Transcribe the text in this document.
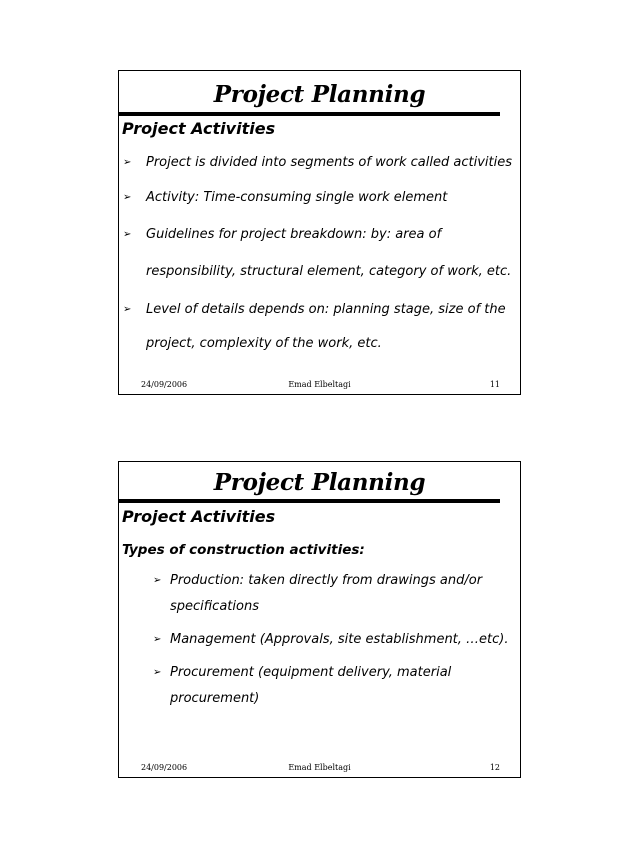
Project Planning
Project Activities
➢ Project is divided into segments of work called activities
➢ Activity: Time-consuming single work element
➢ Guidelines for project breakdown: by: area of
responsibility, structural element, category of work, etc.
➢ Level of details depends on: planning stage, size of the
project, complexity of the work, etc.
24/09/2006	Emad Elbeltagi	11
Project Planning
Project Activities
Types of construction activities:
➢ Production: taken directly from drawings and/or
specifications
➢ Management (Approvals, site establishment, …etc).
➢ Procurement (equipment delivery, material
procurement)
24/09/2006	Emad Elbeltagi	12
